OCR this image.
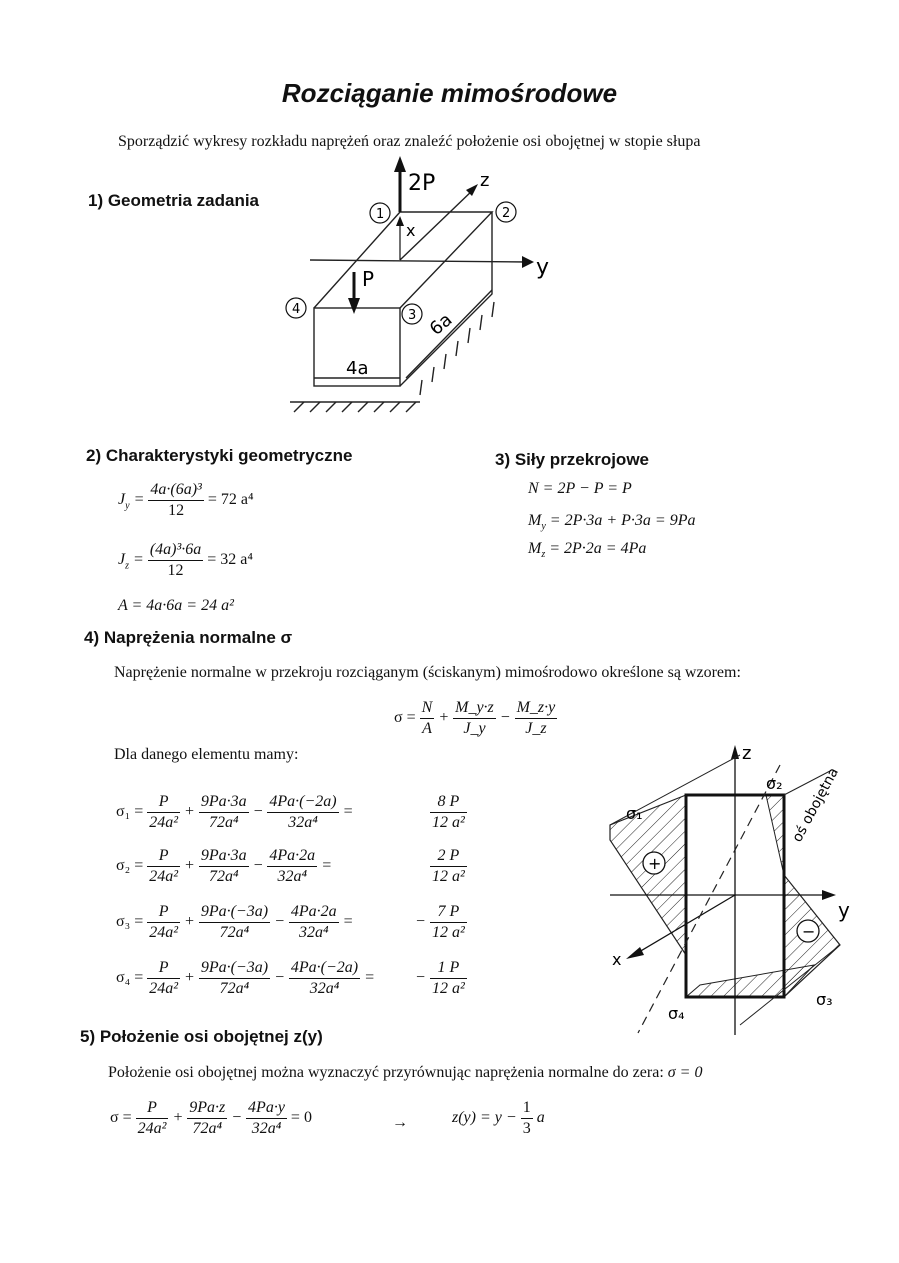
Rozciąganie mimośrodowe
Sporządzić wykresy rozkładu naprężeń oraz znaleźć położenie osi obojętnej w stopie słupa
1) Geometria zadania
1	2
3
4
2P
P
z
y
x
4a
6a
2) Charakterystyki geometryczne
$J_y = \frac{\text{4a·(6a)³}}{12} = 72$ a⁴
$J_z = \frac{\text{(4a)³·6a}}{12} = 32$ a⁴
A = 4a·6a = 24 a²
3) Siły przekrojowe
N = 2P − P = P
$M_y = 2P\cdot 3a + P\cdot 3a = 9Pa$
$M_z = 2P\cdot 2a = 4Pa$
4) Naprężenia normalne σ
Naprężenie normalne w przekroju rozciąganym (ściskanym) mimośrodowo określone są wzorem:
$\sigma = \frac{N}{A} + \frac{M\_y\cdot z}{J\_y} - \frac{M\_z\cdot y}{J\_z}$
Dla danego elementu mamy:
$\sigma_1 = \frac{P}{\text{24a²}} + \frac{9Pa\cdot 3a}{\text{72a⁴}} - \frac{4Pa\cdot(-2a)}{\text{32a⁴}}$ =
	$\frac{8 P}{\text{12 a²}}$
$\sigma_2 = \frac{P}{\text{24a²}} + \frac{9Pa\cdot 3a}{\text{72a⁴}} - \frac{4Pa\cdot 2a}{\text{32a⁴}}$ =
	$\frac{2 P}{\text{12 a²}}$
$\sigma_3 = \frac{P}{\text{24a²}} + \frac{9Pa\cdot(-3a)}{\text{72a⁴}} - \frac{4Pa\cdot 2a}{\text{32a⁴}}$ =	− $\frac{7 P}{\text{12 a²}}$
$\sigma_4 = \frac{P}{\text{24a²}} + \frac{9Pa\cdot(-3a)}{\text{72a⁴}} - \frac{4Pa\cdot(-2a)}{\text{32a⁴}}$ =	− $\frac{1 P}{\text{12 a²}}$
+
−
z
y
x
σ₁
σ₂
σ₃
σ₄
oś obojętna
5) Położenie osi obojętnej z(y)
Położenie osi obojętnej można wyznaczyć przyrównując naprężenia normalne do zera: σ = 0
$\sigma = \frac{P}{\text{24a²}} + \frac{9Pa\cdot z}{\text{72a⁴}} - \frac{4Pa\cdot y}{\text{32a⁴}} = 0$	→	$z(y) = y - \frac{1}{3}$ a
